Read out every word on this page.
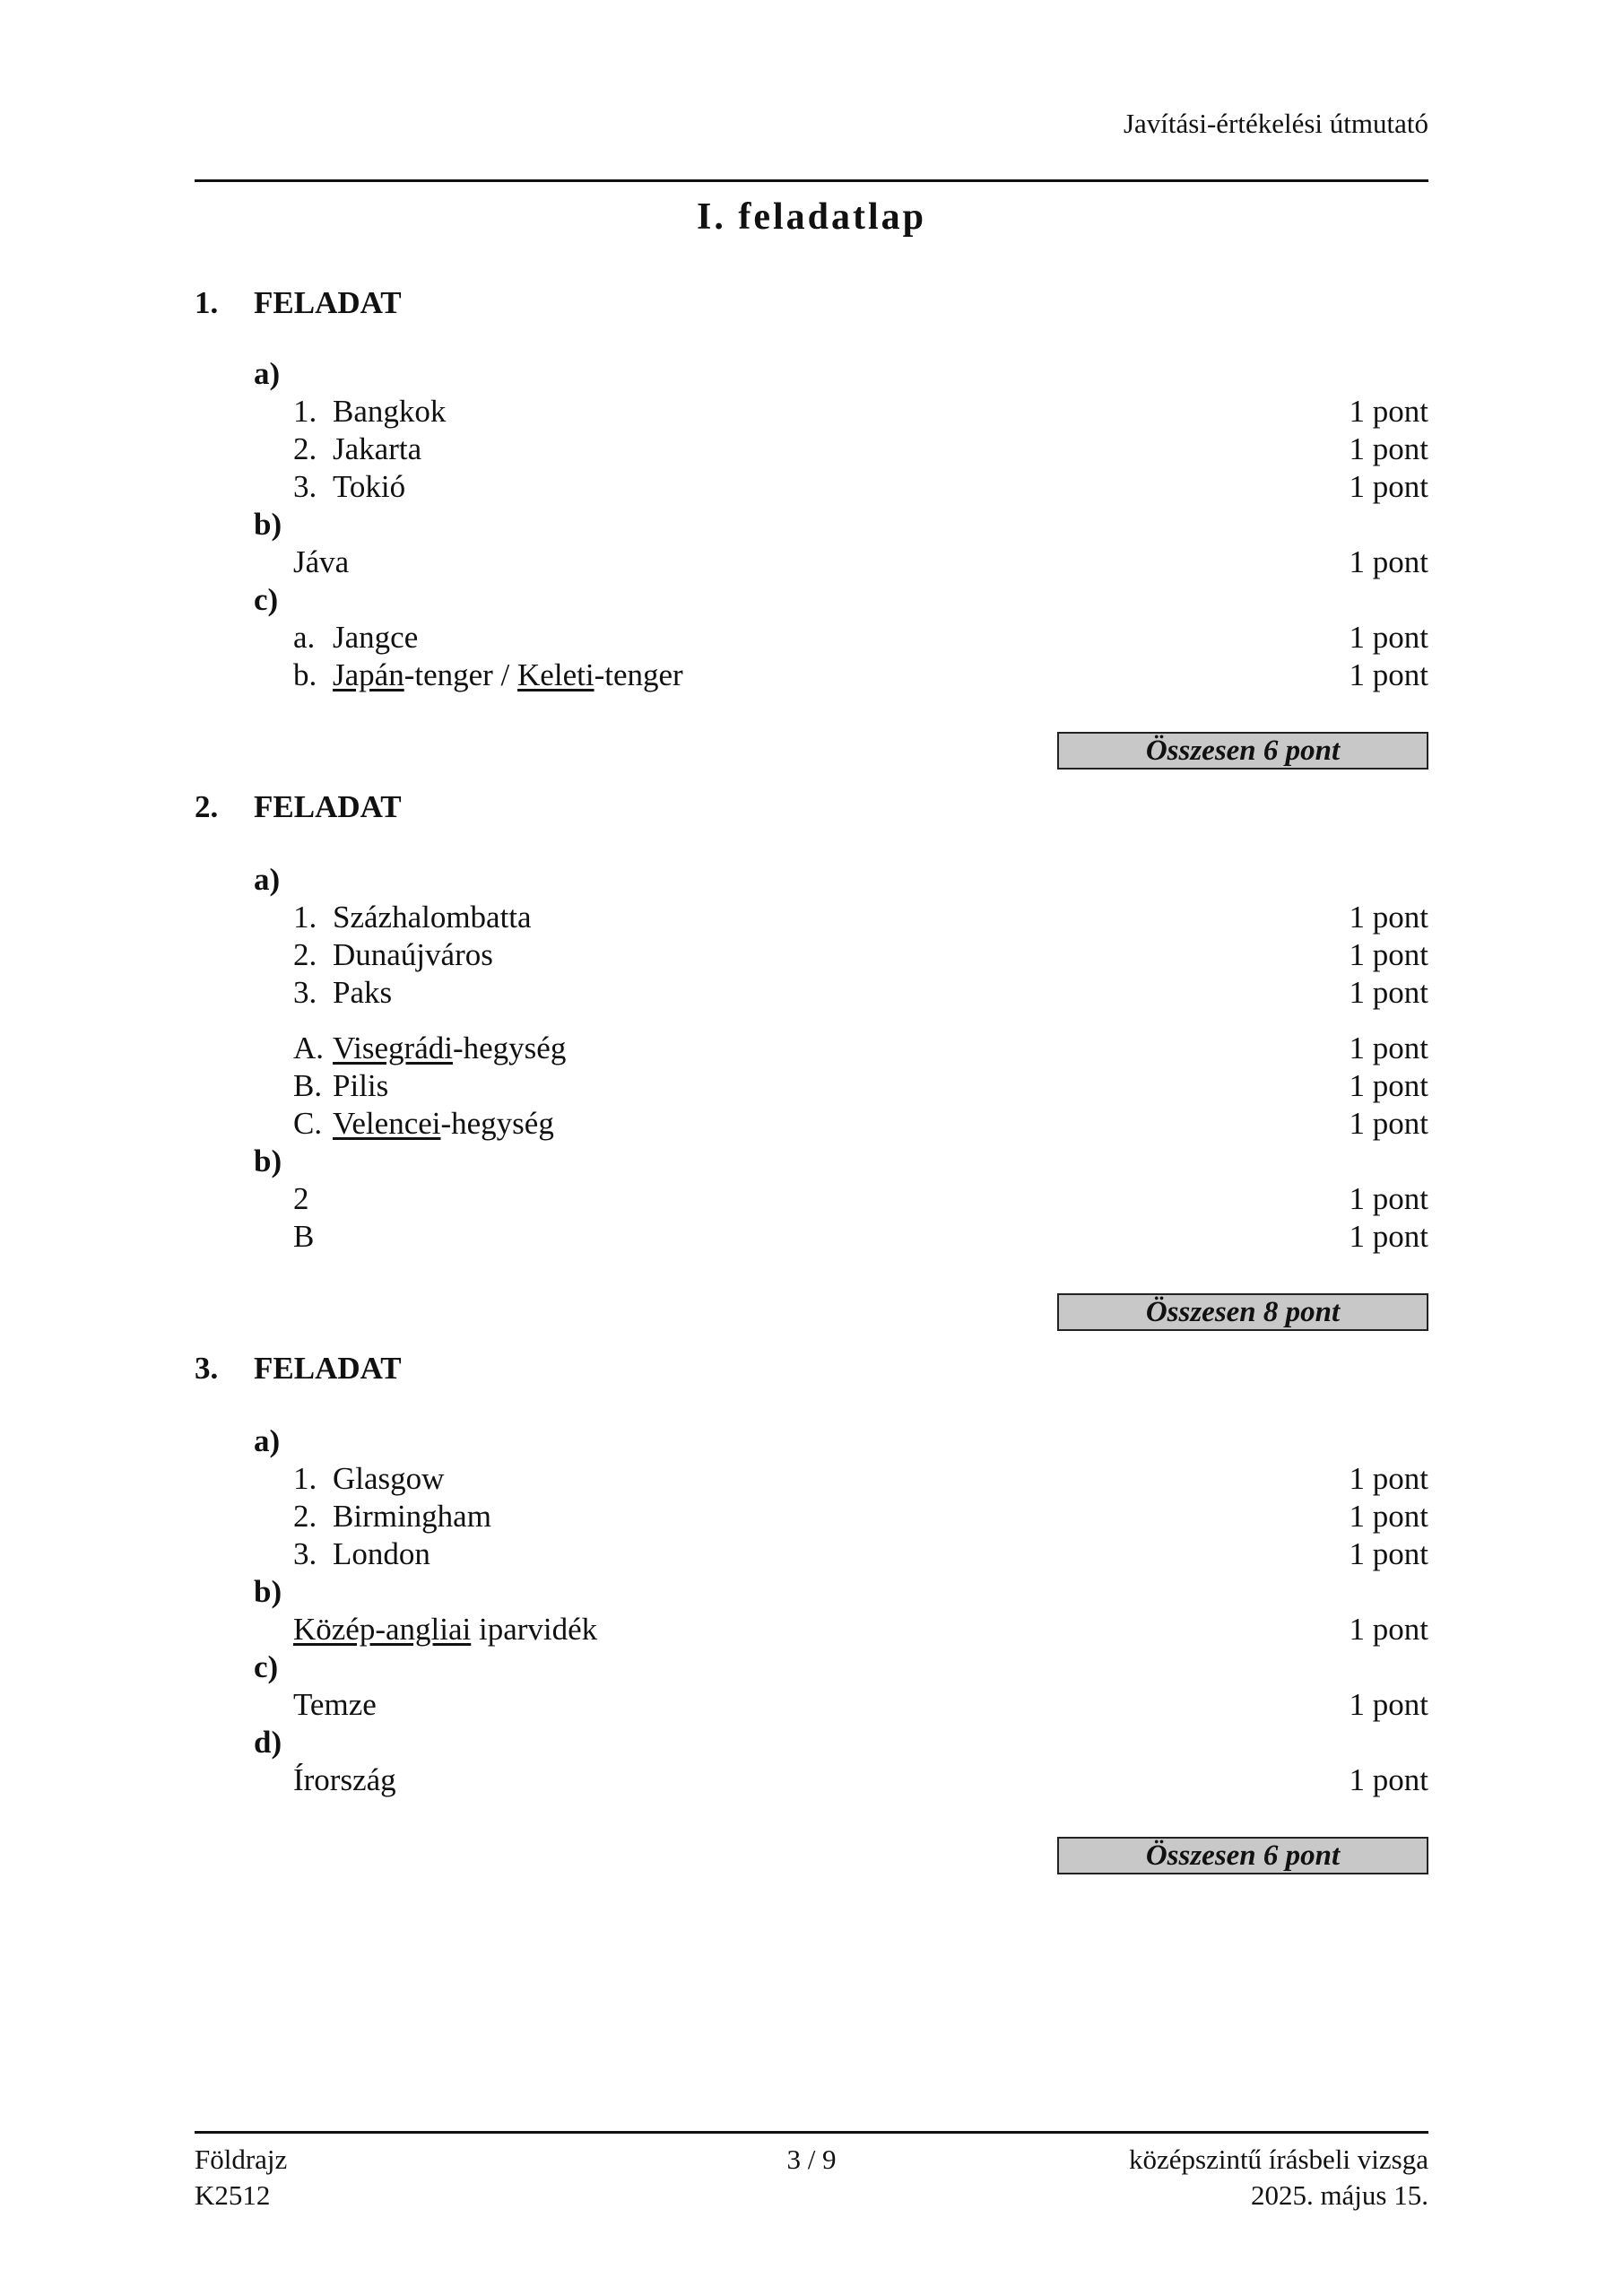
Javítási-értékelési útmutató
I. feladatlap
1. FELADAT
a)
1. Bangkok	1 pont
2. Jakarta	1 pont
3. Tokió	1 pont
b)
Jáva	1 pont
c)
a. Jangce	1 pont
b. Japán-tenger / Keleti-tenger	1 pont
Összesen 6 pont
2. FELADAT
a)
1. Százhalombatta	1 pont
2. Dunaújváros	1 pont
3. Paks	1 pont
A. Visegrádi-hegység	1 pont
B. Pilis	1 pont
C. Velencei-hegység	1 pont
b)
2	1 pont
B	1 pont
Összesen 8 pont
3. FELADAT
a)
1. Glasgow	1 pont
2. Birmingham	1 pont
3. London	1 pont
b)
Közép-angliai iparvidék	1 pont
c)
Temze	1 pont
d)
Írország	1 pont
Összesen 6 pont
Földrajz	3 / 9	középszintű írásbeli vizsga
K2512	2025. május 15.
